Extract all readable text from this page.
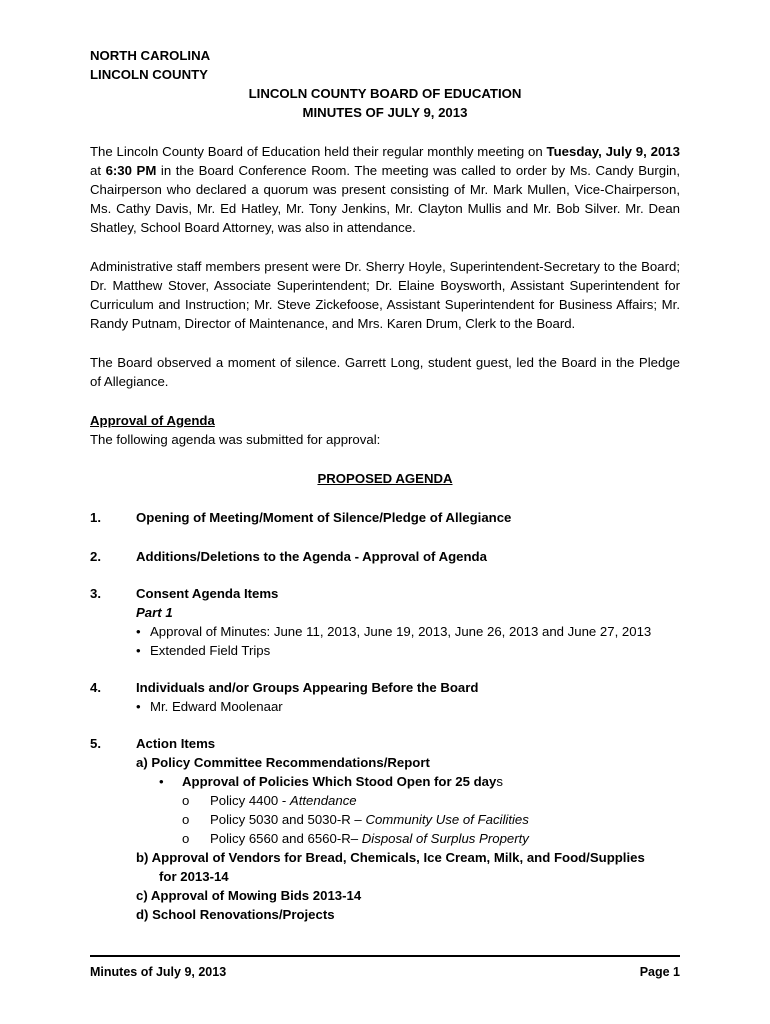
NORTH CAROLINA
LINCOLN COUNTY
LINCOLN COUNTY BOARD OF EDUCATION
MINUTES OF JULY 9, 2013

The Lincoln County Board of Education held their regular monthly meeting on Tuesday, July 9, 2013 at 6:30 PM in the Board Conference Room. The meeting was called to order by Ms. Candy Burgin, Chairperson who declared a quorum was present consisting of Mr. Mark Mullen, Vice-Chairperson, Ms. Cathy Davis, Mr. Ed Hatley, Mr. Tony Jenkins, Mr. Clayton Mullis and Mr. Bob Silver. Mr. Dean Shatley, School Board Attorney, was also in attendance.

Administrative staff members present were Dr. Sherry Hoyle, Superintendent-Secretary to the Board; Dr. Matthew Stover, Associate Superintendent; Dr. Elaine Boysworth, Assistant Superintendent for Curriculum and Instruction; Mr. Steve Zickefoose, Assistant Superintendent for Business Affairs; Mr. Randy Putnam, Director of Maintenance, and Mrs. Karen Drum, Clerk to the Board.

The Board observed a moment of silence. Garrett Long, student guest, led the Board in the Pledge of Allegiance.

Approval of Agenda
The following agenda was submitted for approval:
PROPOSED AGENDA
1.	Opening of Meeting/Moment of Silence/Pledge of Allegiance
2.	Additions/Deletions to the Agenda - Approval of Agenda
3.	Consent Agenda Items
Part 1
• Approval of Minutes: June 11, 2013, June 19, 2013, June 26, 2013 and June 27, 2013
• Extended Field Trips
4.	Individuals and/or Groups Appearing Before the Board
• Mr. Edward Moolenaar
5.	Action Items
a) Policy Committee Recommendations/Report
• Approval of Policies Which Stood Open for 25 days
o Policy 4400 - Attendance
o Policy 5030 and 5030-R – Community Use of Facilities
o Policy 6560 and 6560-R– Disposal of Surplus Property
b) Approval of Vendors for Bread, Chemicals, Ice Cream, Milk, and Food/Supplies
for 2013-14
c) Approval of Mowing Bids 2013-14
d) School Renovations/Projects
Minutes of July 9, 2013	Page 1
